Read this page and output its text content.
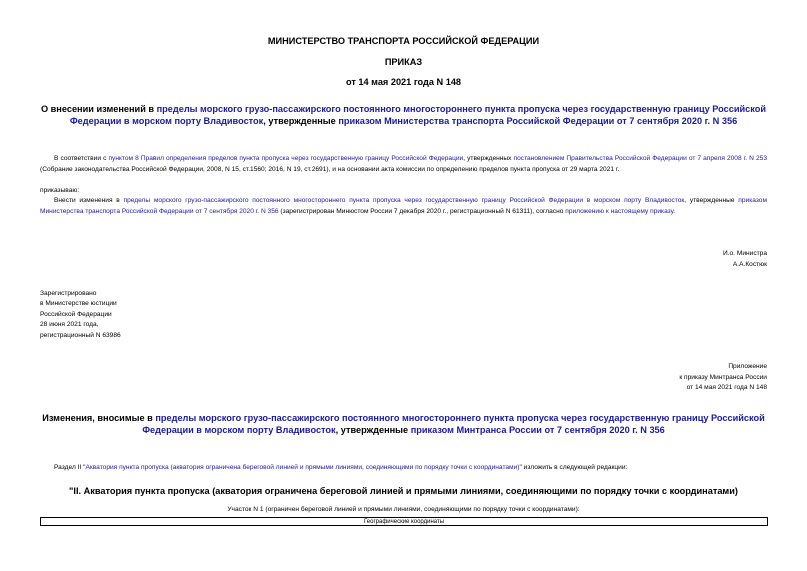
МИНИСТЕРСТВО ТРАНСПОРТА РОССИЙСКОЙ ФЕДЕРАЦИИ
ПРИКАЗ
от 14 мая 2021 года N 148
О внесении изменений в пределы морского грузо-пассажирского постоянного многостороннего пункта пропуска через государственную границу Российской Федерации в морском порту Владивосток, утвержденные приказом Министерства транспорта Российской Федерации от 7 сентября 2020 г. N 356
В соответствии с пунктом 8 Правил определения пределов пункта пропуска через государственную границу Российской Федерации, утвержденных постановлением Правительства Российской Федерации от 7 апреля 2008 г. N 253 (Собрание законодательства Российской Федерации, 2008, N 15, ст.1560; 2016, N 19, ст.2691), и на основании акта комиссии по определению пределов пункта пропуска от 29 марта 2021 г.
приказываю:
Внести изменения в пределы морского грузо-пассажирского постоянного многостороннего пункта пропуска через государственную границу Российской Федерации в морском порту Владивосток, утвержденные приказом Министерства транспорта Российской Федерации от 7 сентября 2020 г. N 356 (зарегистрирован Минюстом России 7 декабря 2020 г., регистрационный N 61311), согласно приложению к настоящему приказу.
И.о. Министра
А.А.Костюк
Зарегистрировано
в Министерстве юстиции
Российской Федерации
28 июня 2021 года,
регистрационный N 63986
Приложение
к приказу Минтранса России
от 14 мая 2021 года N 148
Изменения, вносимые в пределы морского грузо-пассажирского постоянного многостороннего пункта пропуска через государственную границу Российской Федерации в морском порту Владивосток, утвержденные приказом Минтранса России от 7 сентября 2020 г. N 356
Раздел II "Акватория пункта пропуска (акватория ограничена береговой линией и прямыми линиями, соединяющими по порядку точки с координатами)" изложить в следующей редакции:
"II. Акватория пункта пропуска (акватория ограничена береговой линией и прямыми линиями, соединяющими по порядку точки с координатами)
Участок N 1 (ограничен береговой линией и прямыми линиями, соединяющими по порядку точки с координатами):
Географические координаты
